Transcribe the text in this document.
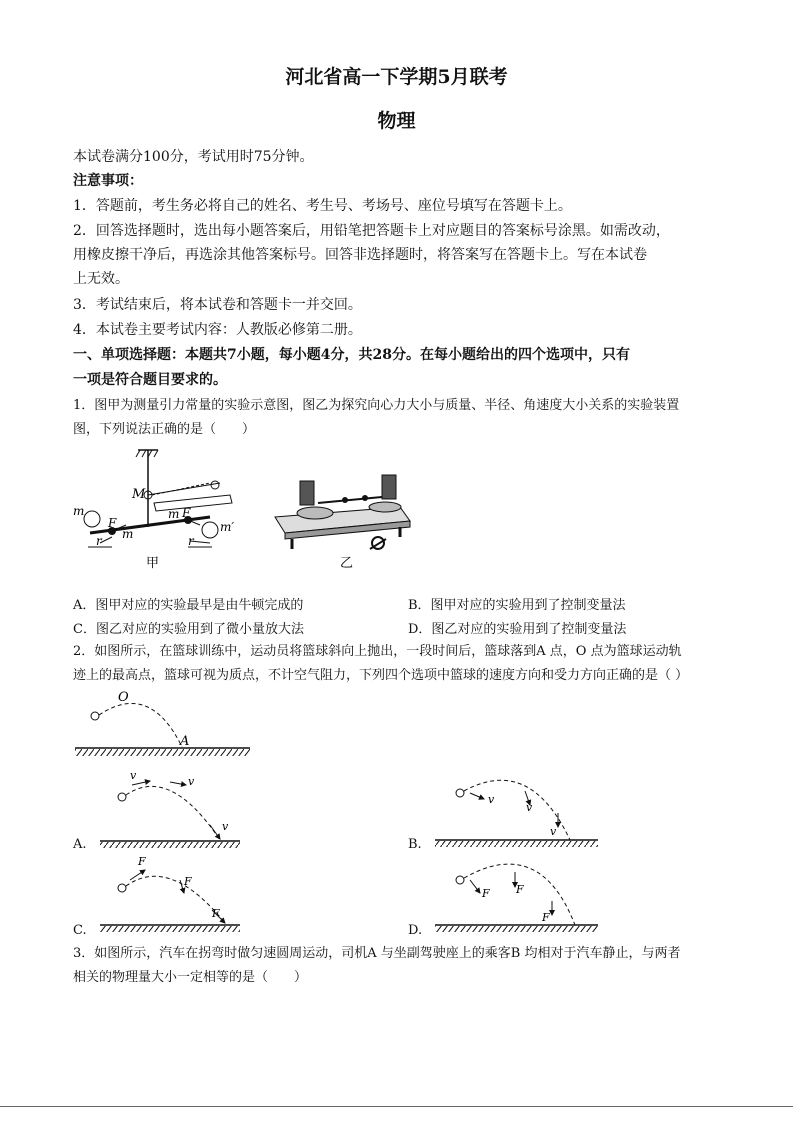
河北省高一下学期5月联考
物理
本试卷满分100分，考试用时75分钟。
注意事项：
1．答题前，考生务必将自己的姓名、考生号、考场号、座位号填写在答题卡上。
2．回答选择题时，选出每小题答案后，用铅笔把答题卡上对应题目的答案标号涂黑。如需改动，
用橡皮擦干净后，再选涂其他答案标号。回答非选择题时，将答案写在答题卡上。写在本试卷
上无效。
3．考试结束后，将本试卷和答题卡一并交回。
4．本试卷主要考试内容：人教版必修第二册。
一、单项选择题：本题共7小题，每小题4分，共28分。在每小题给出的四个选项中，只有
一项是符合题目要求的。
1．图甲为测量引力常量的实验示意图，图乙为探究向心力大小与质量、半径、角速度大小关系的实验装置
图，下列说法正确的是（　　）
M
m
F
m
m F
m′
r	r
甲	乙
A．图甲对应的实验最早是由牛顿完成的	B．图甲对应的实验用到了控制变量法
C．图乙对应的实验用到了微小量放大法	D．图乙对应的实验用到了控制变量法
2．如图所示，在篮球训练中，运动员将篮球斜向上抛出，一段时间后，篮球落到A 点，O 点为篮球运动轨
迹上的最高点，篮球可视为质点，不计空气阻力，下列四个选项中篮球的速度方向和受力方向正确的是（ ）
O
A
v	v
v
v
v
v
F
F
F
F F
F
A.	B.
C.	D.
3．如图所示，汽车在拐弯时做匀速圆周运动，司机A 与坐副驾驶座上的乘客B 均相对于汽车静止，与两者
相关的物理量大小一定相等的是（　　）
